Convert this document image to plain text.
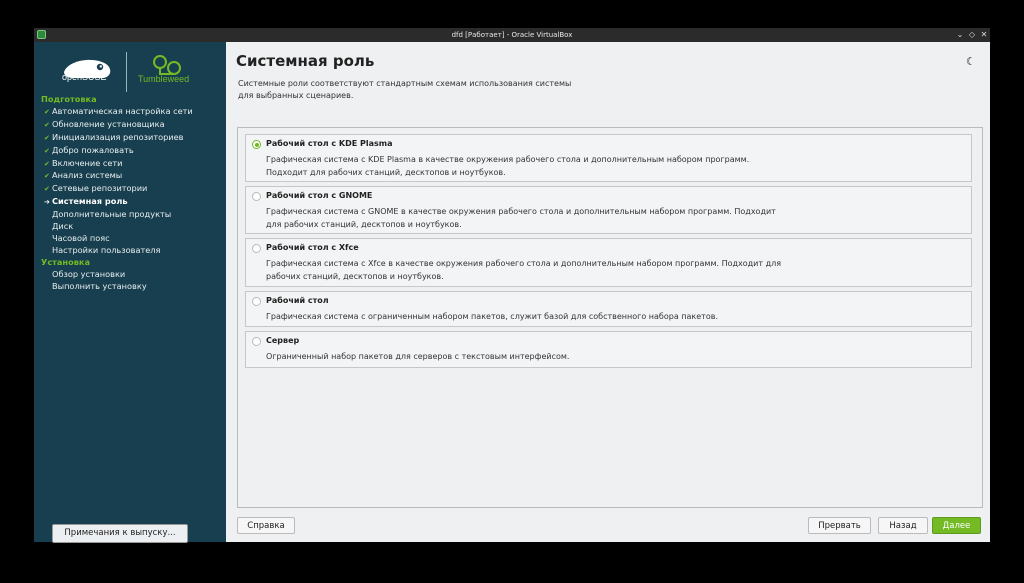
dfd [Работает] - Oracle VirtualBox	⌄ ◇ ✕
openSUSE	Tumbleweed
Подготовка
✔ Автоматическая настройка сети
✔ Обновление установщика
✔ Инициализация репозиториев
✔ Добро пожаловать
✔ Включение сети
✔ Анализ системы
✔ Сетевые репозитории
➔ Системная роль
Дополнительные продукты
Диск
Часовой пояс
Настройки пользователя
Установка
Обзор установки
Выполнить установку
Примечания к выпуску...
Системная роль	☾
Системные роли соответствуют стандартным схемам использования системы
для выбранных сценариев.
Рабочий стол с KDE Plasma
Графическая система с KDE Plasma в качестве окружения рабочего стола и дополнительным набором программ.
Подходит для рабочих станций, десктопов и ноутбуков.
Рабочий стол с GNOME
Графическая система с GNOME в качестве окружения рабочего стола и дополнительным набором программ. Подходит
для рабочих станций, десктопов и ноутбуков.
Рабочий стол с Xfce
Графическая система с Xfce в качестве окружения рабочего стола и дополнительным набором программ. Подходит для
рабочих станций, десктопов и ноутбуков.
Рабочий стол
Графическая система с ограниченным набором пакетов, служит базой для собственного набора пакетов.
Сервер
Ограниченный набор пакетов для серверов с текстовым интерфейсом.
Справка	Прервать	Назад	Далее
